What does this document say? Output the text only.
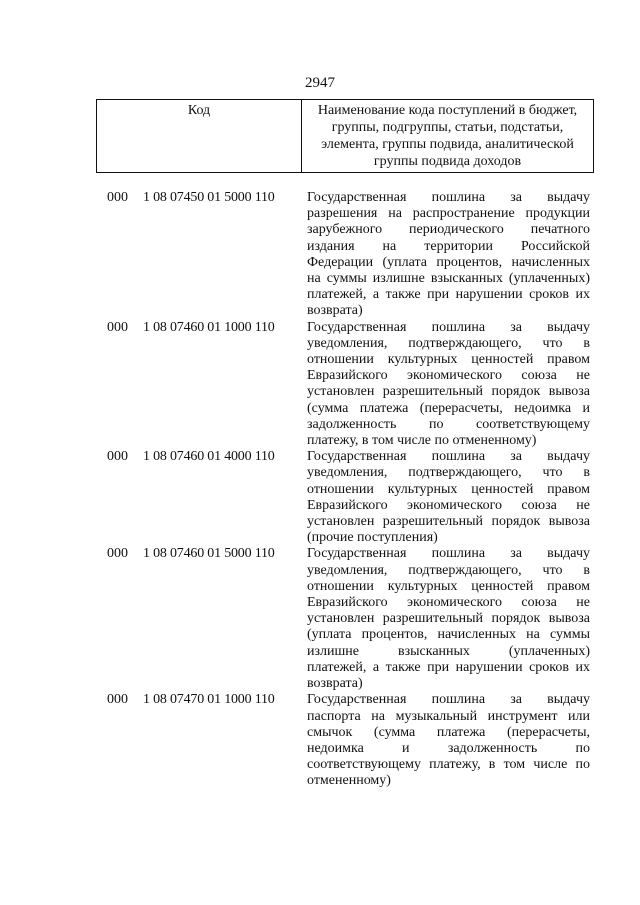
2947
Код	Наименование кода поступлений в бюджет,
группы, подгруппы, статьи, подстатьи,
элемента, группы подвида, аналитической
группы подвида доходов
000	1 08 07450 01 5000 110	Государственная пошлина за выдачу
разрешения на распространение продукции
зарубежного периодического печатного
издания на территории Российской
Федерации (уплата процентов, начисленных
на суммы излишне взысканных (уплаченных)
платежей, а также при нарушении сроков их
возврата)
000	1 08 07460 01 1000 110	Государственная пошлина за выдачу
уведомления, подтверждающего, что в
отношении культурных ценностей правом
Евразийского экономического союза не
установлен разрешительный порядок вывоза
(сумма платежа (перерасчеты, недоимка и
задолженность по соответствующему
платежу, в том числе по отмененному)
000	1 08 07460 01 4000 110	Государственная пошлина за выдачу
уведомления, подтверждающего, что в
отношении культурных ценностей правом
Евразийского экономического союза не
установлен разрешительный порядок вывоза
(прочие поступления)
000	1 08 07460 01 5000 110	Государственная пошлина за выдачу
уведомления, подтверждающего, что в
отношении культурных ценностей правом
Евразийского экономического союза не
установлен разрешительный порядок вывоза
(уплата процентов, начисленных на суммы
излишне взысканных (уплаченных)
платежей, а также при нарушении сроков их
возврата)
000	1 08 07470 01 1000 110	Государственная пошлина за выдачу
паспорта на музыкальный инструмент или
смычок (сумма платежа (перерасчеты,
недоимка и задолженность по
соответствующему платежу, в том числе по
отмененному)
